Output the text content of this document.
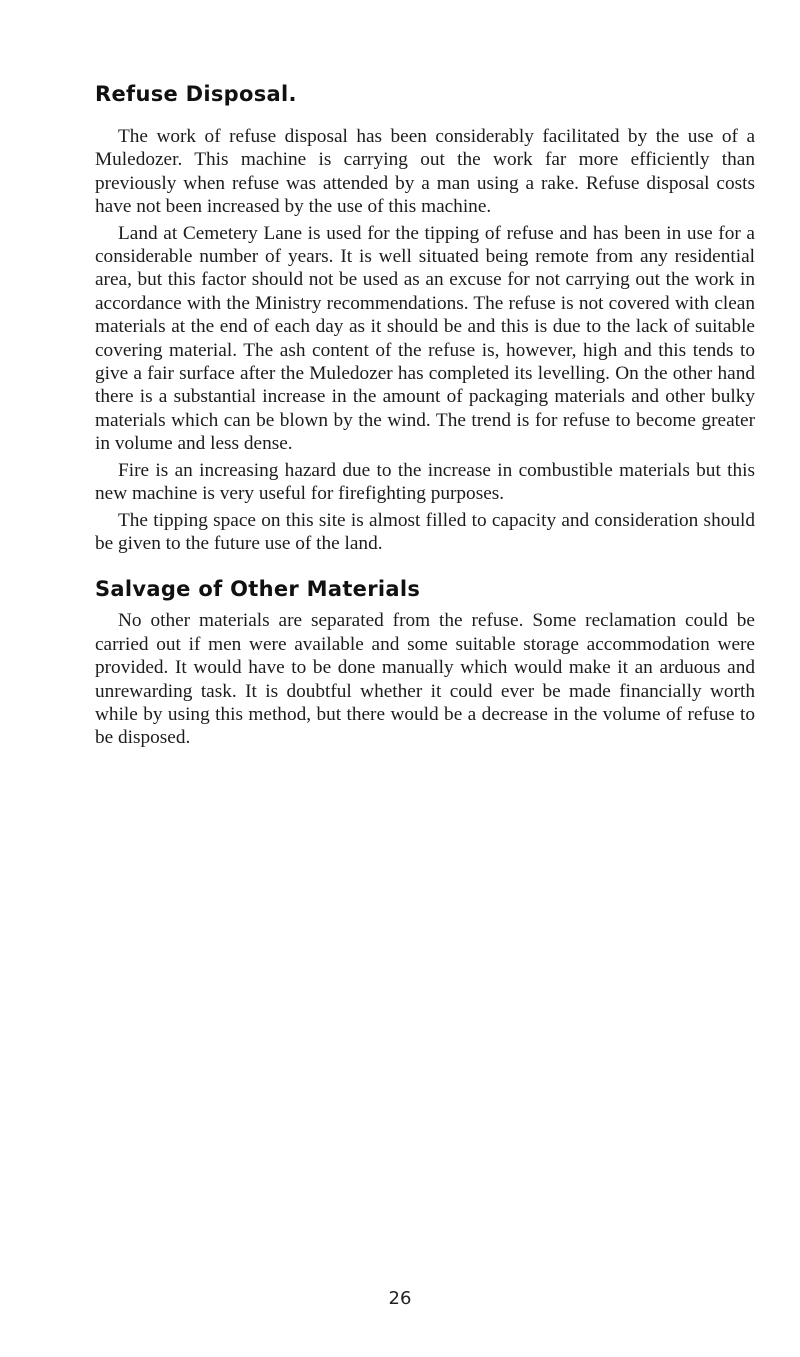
Refuse Disposal.

The work of refuse disposal has been considerably facilitated by the use of a Muledozer. This machine is carrying out the work far more efficiently than previously when refuse was attended by a man using a rake. Refuse disposal costs have not been increased by the use of this machine.

Land at Cemetery Lane is used for the tipping of refuse and has been in use for a considerable number of years. It is well situated being remote from any residential area, but this factor should not be used as an excuse for not carrying out the work in accordance with the Ministry recommendations. The refuse is not covered with clean materials at the end of each day as it should be and this is due to the lack of suitable covering material. The ash content of the refuse is, however, high and this tends to give a fair surface after the Muledozer has completed its levelling. On the other hand there is a substantial increase in the amount of packaging materials and other bulky materials which can be blown by the wind. The trend is for refuse to become greater in volume and less dense.

Fire is an increasing hazard due to the increase in combustible materials but this new machine is very useful for firefighting purposes.

The tipping space on this site is almost filled to capacity and consideration should be given to the future use of the land.

Salvage of Other Materials

No other materials are separated from the refuse. Some reclamation could be carried out if men were available and some suitable storage accommodation were provided. It would have to be done manually which would make it an arduous and unrewarding task. It is doubtful whether it could ever be made financially worth while by using this method, but there would be a decrease in the volume of refuse to be disposed.

26
